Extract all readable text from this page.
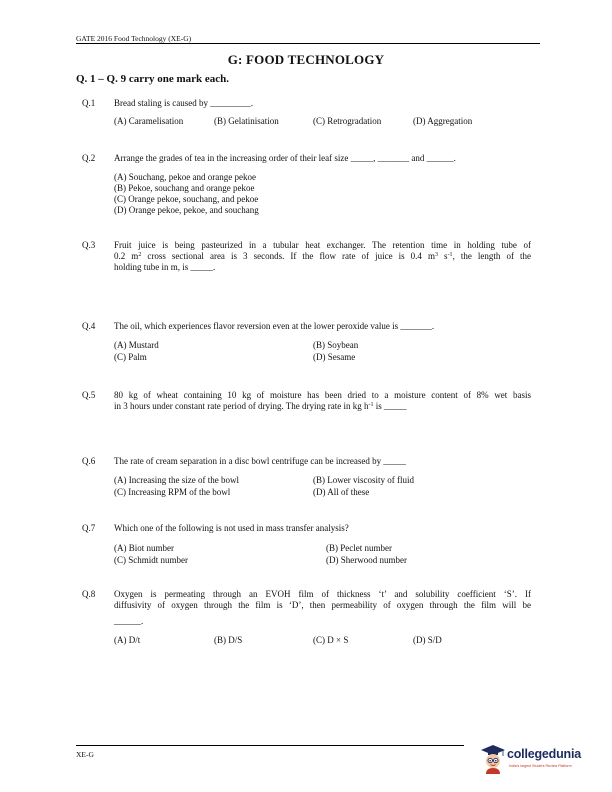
GATE 2016 Food Technology (XE-G)
G: FOOD TECHNOLOGY
Q. 1 – Q. 9 carry one mark each.
Q.1 Bread staling is caused by _________.
(A) Caramelisation	(B) Gelatinisation	(C) Retrogradation	(D) Aggregation
Q.2 Arrange the grades of tea in the increasing order of their leaf size _____, _______ and ______.
(A) Souchang, pekoe and orange pekoe
(B) Pekoe, souchang and orange pekoe
(C) Orange pekoe, souchang, and pekoe
(D) Orange pekoe, pekoe, and souchang
Q.3 Fruit juice is being pasteurized in a tubular heat exchanger. The retention time in holding tube of
0.2 $m^2$ cross sectional area is 3 seconds. If the flow rate of juice is 0.4 $m^3$ $s^{-1}$, the length of the
holding tube in m, is _____.
Q.4 The oil, which experiences flavor reversion even at the lower peroxide value is _______.
(A) Mustard	(B) Soybean
(C) Palm	(D) Sesame
Q.5 80 kg of wheat containing 10 kg of moisture has been dried to a moisture content of 8% wet basis
in 3 hours under constant rate period of drying. The drying rate in kg $h^{-1}$ is _____
Q.6 The rate of cream separation in a disc bowl centrifuge can be increased by _____
(A) Increasing the size of the bowl	(B) Lower viscosity of fluid
(C) Increasing RPM of the bowl	(D) All of these
Q.7 Which one of the following is not used in mass transfer analysis?
(A) Biot number	(B) Peclet number
(C) Schmidt number	(D) Sherwood number
Q.8 Oxygen is permeating through an EVOH film of thickness ‘t’ and solubility coefficient ‘S’. If
diffusivity of oxygen through the film is ‘D’, then permeability of oxygen through the film will be
______.
(A) D/t	(B) D/S	(C) D × S	(D) S/D
XE-G	collegedunia
India's largest Student Review Platform
